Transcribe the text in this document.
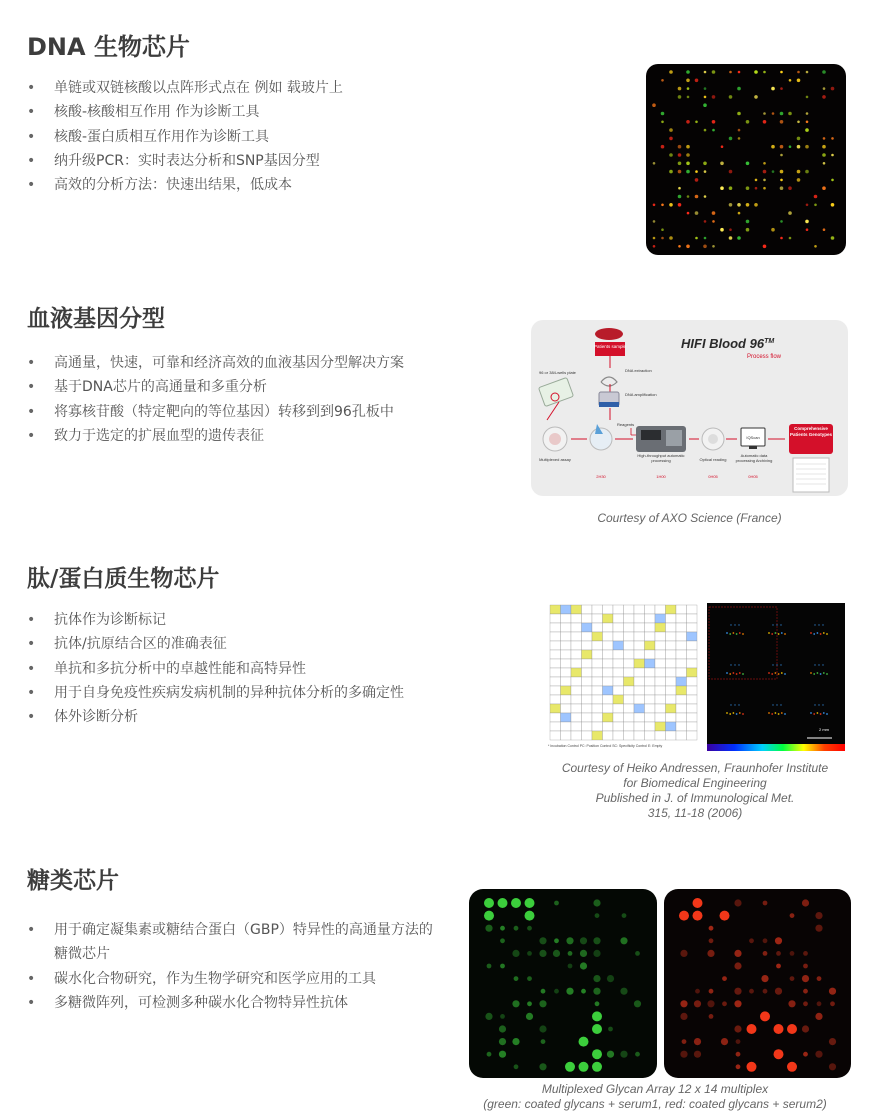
DNA 生物芯片
• 单链或双链核酸以点阵形式点在 例如 载玻片上
• 核酸-核酸相互作用 作为诊断工具
• 核酸-蛋白质相互作用作为诊断工具
• 纳升级PCR：实时表达分析和SNP基因分型
• 高效的分析方法：快速出结果，低成本
血液基因分型
• 高通量，快速，可靠和经济高效的血液基因分型解决方案
• 基于DNA芯片的高通量和多重分析
• 将寡核苷酸（特定靶向的等位基因）转移到到96孔板中
• 致力于选定的扩展血型的遗传表征
HIFI Blood 96™
Process flow
Patients sample
DNA extraction
DNA amplification
96 or 384-wells plate
Reagents
IQScan
Comprehensive Patients Genotypes
Multiplexed assay
High-throughput automatic processing	Optical reading
Automatic data processing Archiving
2H30	1H00	0H05	0H05
Courtesy of AXO Science (France)
肽/蛋白质生物芯片
• 抗体作为诊断标记
• 抗体/抗原结合区的准确表征
• 单抗和多抗分析中的卓越性能和高特异性
• 用于自身免疫性疾病发病机制的异种抗体分析的多确定性
• 体外诊断分析
* Incubation Control PC: Position Control SC: Specificity Control E: Empty
2 mm
Courtesy of Heiko Andressen, Fraunhofer Institute
for Biomedical Engineering
Published in J. of Immunological Met.
315, 11-18 (2006)
糖类芯片
• 用于确定凝集素或糖结合蛋白（GBP）特异性的高通量方法的糖微芯片
• 碳水化合物研究，作为生物学研究和医学应用的工具
• 多糖微阵列，可检测多种碳水化合物特异性抗体
Multiplexed Glycan Array 12 x 14 multiplex
(green: coated glycans + serum1, red: coated glycans + serum2)
